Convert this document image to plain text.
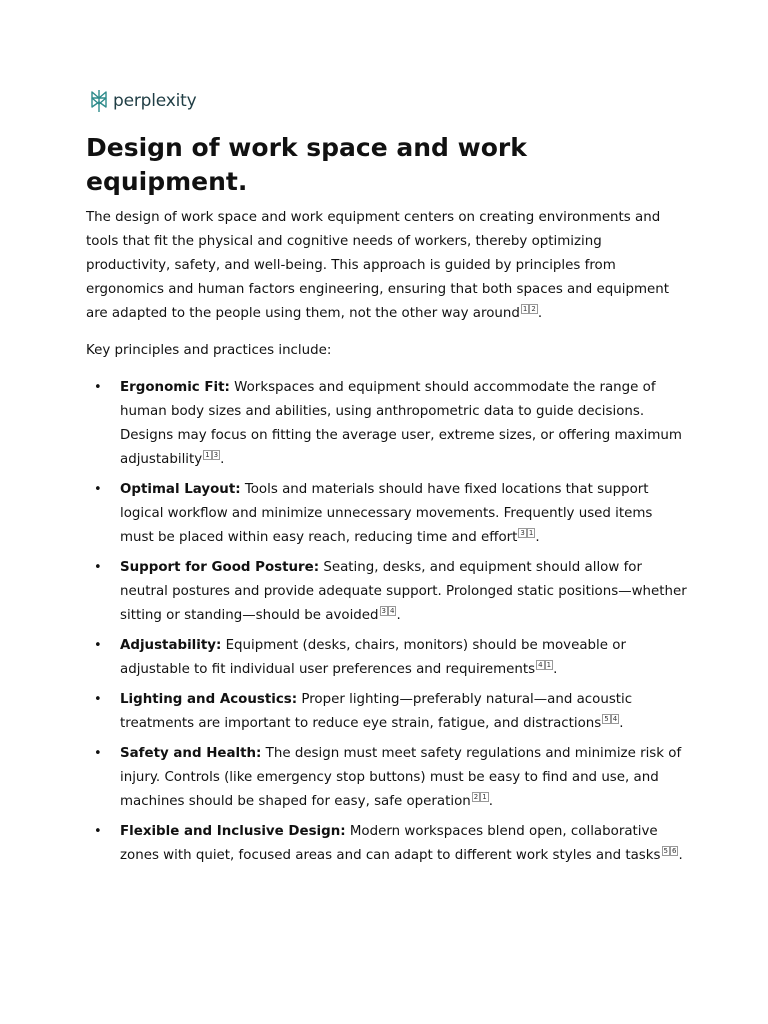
perplexity
Design of work space and work equipment.

The design of work space and work equipment centers on creating environments and tools that fit the physical and cognitive needs of workers, thereby optimizing productivity, safety, and well-being. This approach is guided by principles from ergonomics and human factors engineering, ensuring that both spaces and equipment are adapted to the people using them, not the other way around 1 2 .

Key principles and practices include:

• Ergonomic Fit: Workspaces and equipment should accommodate the range of human body sizes and abilities, using anthropometric data to guide decisions. Designs may focus on fitting the average user, extreme sizes, or offering maximum adjustability 1 3 .
• Optimal Layout: Tools and materials should have fixed locations that support logical workflow and minimize unnecessary movements. Frequently used items must be placed within easy reach, reducing time and effort 3 1 .
• Support for Good Posture: Seating, desks, and equipment should allow for neutral postures and provide adequate support. Prolonged static positions—whether sitting or standing—should be avoided 3 4 .
• Adjustability: Equipment (desks, chairs, monitors) should be moveable or adjustable to fit individual user preferences and requirements 4 1 .
• Lighting and Acoustics: Proper lighting—preferably natural—and acoustic treatments are important to reduce eye strain, fatigue, and distractions 5 4 .
• Safety and Health: The design must meet safety regulations and minimize risk of injury. Controls (like emergency stop buttons) must be easy to find and use, and machines should be shaped for easy, safe operation 2 1 .
• Flexible and Inclusive Design: Modern workspaces blend open, collaborative zones with quiet, focused areas and can adapt to different work styles and tasks 5 6 .
